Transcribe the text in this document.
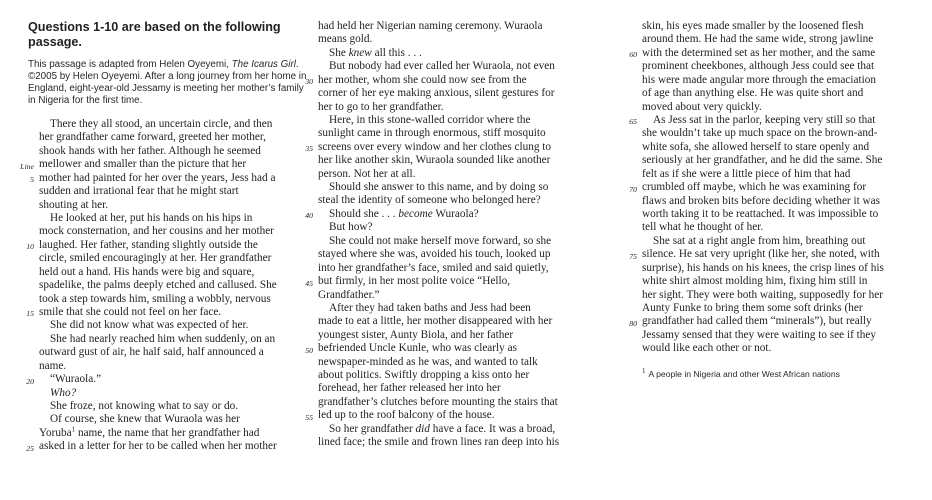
Questions 1-10 are based on the following passage.
This passage is adapted from Helen Oyeyemi, The Icarus Girl. ©2005 by Helen Oyeyemi. After a long journey from her home in England, eight-year-old Jessamy is meeting her mother’s family in Nigeria for the first time.
There they all stood, an uncertain circle, and then
her grandfather came forward, greeted her mother,
shook hands with her father. Although he seemed
Line mellower and smaller than the picture that her
5 mother had painted for her over the years, Jess had a
sudden and irrational fear that he might start
shouting at her.
He looked at her, put his hands on his hips in
mock consternation, and her cousins and her mother
10 laughed. Her father, standing slightly outside the
circle, smiled encouragingly at her. Her grandfather
held out a hand. His hands were big and square,
spadelike, the palms deeply etched and callused. She
took a step towards him, smiling a wobbly, nervous
15 smile that she could not feel on her face.
She did not know what was expected of her.
She had nearly reached him when suddenly, on an
outward gust of air, he half said, half announced a
name.
20	“Wuraola.”
Who?
She froze, not knowing what to say or do.
Of course, she knew that Wuraola was her
Yoruba$^1$ name, the name that her grandfather had
25 asked in a letter for her to be called when her mother
had held her Nigerian naming ceremony. Wuraola
means gold.
She knew all this . . .
But nobody had ever called her Wuraola, not even
30 her mother, whom she could now see from the
corner of her eye making anxious, silent gestures for
her to go to her grandfather.
Here, in this stone-walled corridor where the
sunlight came in through enormous, stiff mosquito
35 screens over every window and her clothes clung to
her like another skin, Wuraola sounded like another
person. Not her at all.
Should she answer to this name, and by doing so
steal the identity of someone who belonged here?
40	Should she . . . become Wuraola?
But how?
She could not make herself move forward, so she
stayed where she was, avoided his touch, looked up
into her grandfather’s face, smiled and said quietly,
45 but firmly, in her most polite voice “Hello,
Grandfather.”
After they had taken baths and Jess had been
made to eat a little, her mother disappeared with her
youngest sister, Aunty Biola, and her father
50 befriended Uncle Kunle, who was clearly as
newspaper-minded as he was, and wanted to talk
about politics. Swiftly dropping a kiss onto her
forehead, her father released her into her
grandfather’s clutches before mounting the stairs that
55 led up to the roof balcony of the house.
So her grandfather did have a face. It was a broad,
lined face; the smile and frown lines ran deep into his
skin, his eyes made smaller by the loosened flesh
around them. He had the same wide, strong jawline
60 with the determined set as her mother, and the same
prominent cheekbones, although Jess could see that
his were made angular more through the emaciation
of age than anything else. He was quite short and
moved about very quickly.
65	As Jess sat in the parlor, keeping very still so that
she wouldn’t take up much space on the brown-and-
white sofa, she allowed herself to stare openly and
seriously at her grandfather, and he did the same. She
felt as if she were a little piece of him that had
70 crumbled off maybe, which he was examining for
flaws and broken bits before deciding whether it was
worth taking it to be reattached. It was impossible to
tell what he thought of her.
She sat at a right angle from him, breathing out
75 silence. He sat very upright (like her, she noted, with
surprise), his hands on his knees, the crisp lines of his
white shirt almost molding him, fixing him still in
her sight. They were both waiting, supposedly for her
Aunty Funke to bring them some soft drinks (her
80 grandfather had called them “minerals”), but really
Jessamy sensed that they were waiting to see if they
would like each other or not.
$^1$ A people in Nigeria and other West African nations
